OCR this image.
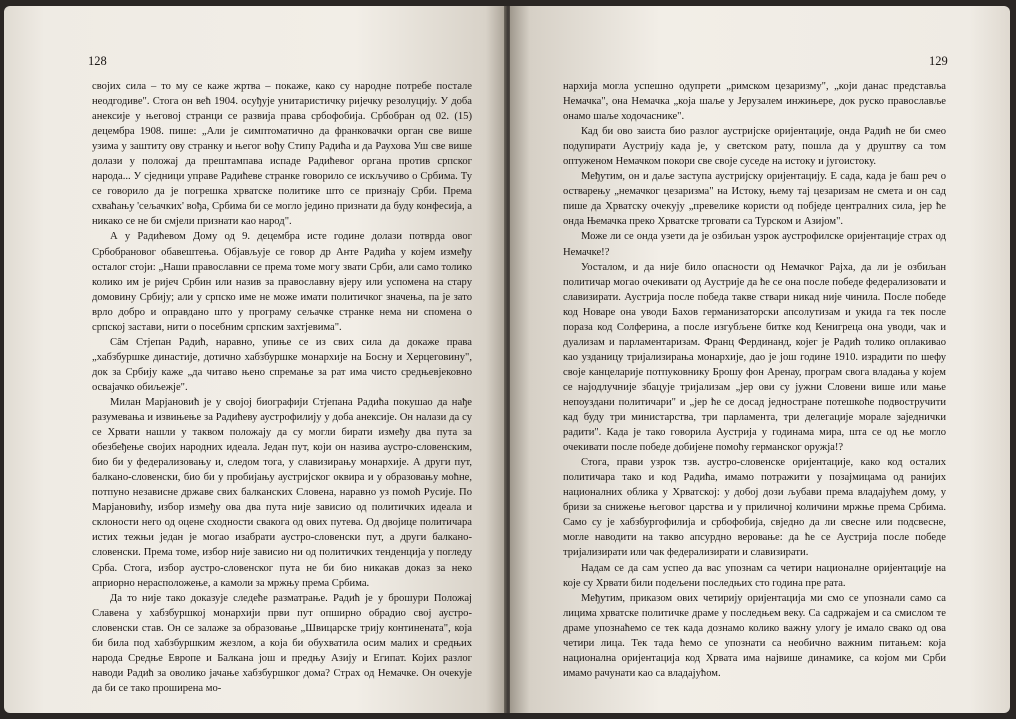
128

својих сила – то му се каже жртва – покаже, како су народне потребе постале неодгодиве". Стога он већ 1904. осуђује унитаристичку ријечку резолуцију. У доба анексије у његовој странци се развија права србофобија. Србобран од 02. (15) децембра 1908. пише: „Али је симптоматично да франковачки орган све више узима у заштиту ову странку и његог вођу Стипу Радића и да Раухова Уш све више долази у положај да прештампава испаде Радићевог органа против српског народа... У сједници управе Радићеве странке говорило се искључиво о Србима. Ту се говорило да је погрешка хрватске политике што се признају Срби. Према схваћању 'сељачких' вођа, Србима би се могло једино признати да буду конфесија, а никако се не би смјели признати као народ".

А у Радићевом Дому од 9. децембра исте године долази потврда овог Србобрановог обавештења. Објављује се говор др Анте Радића у којем између осталог стоји: „Наши православни се према томе могу звати Срби, али само толико колико им је ријеч Србин или назив за православну вјеру или успомена на стару домовину Србију; али у српско име не може имати политичког значења, па је зато врло добро и оправдано што у програму сељачке странке нема ни спомена о српској застави, нити о посебним српским захтјевима".

Сâм Стјепан Радић, наравно, упиње се из свих сила да докаже права „хабзбуршке династије, дотично хабзбуршке монархије на Босну и Херцеговину", док за Србију каже „да читаво њено спремање за рат има чисто средњевјековно освајачко обиљежје".

Милан Марјановић је у својој биографији Стјепана Радића покушао да нађе разумевања и извињење за Радићеву аустрофилију у доба анексије. Он налази да су се Хрвати нашли у таквом положају да су могли бирати између два пута за обезбеђење својих народних идеала. Један пут, који он назива аустро-словенским, био би у федерализовању и, следом тога, у славизирању монархије. А други пут, балкано-словенски, био би у пробијању аустријског оквира и у образовању моћне, потпуно независне државе свих балканских Словена, наравно уз помоћ Русије. По Марјановићу, избор између ова два пута није зависио од политичких идеала и склоности него од оцене сходности свакога од ових путева. Од двојице политичара истих тежњи један је могао изабрати аустро-словенски пут, а други балкано-словенски. Према томе, избор није зависио ни од политичких тенденција у погледу Срба. Стога, избор аустро-словенског пута не би био никакав доказ за неко априорно нерасположење, а камоли за мржњу према Србима.

Да то није тако доказује следеће разматрање. Радић је у брошури Положај Славена у хабзбуршкој монархији први пут опширно обрадио свој аустро-словенски став. Он се залаже за образовање „Швицарске трију континената", која би била под хабзбуршким жезлом, а која би обухватила осим малих и средњих народа Средње Европе и Балкана још и предњу Азију и Египат. Којих разлог наводи Радић за оволико јачање хабзбуршког дома? Страх од Немачке. Он очекује да би се тако проширена мо-

129

нархија могла успешно одупрети „римском цезаризму", „који данас представља Немачка", она Немачка „која шаље у Јерузалем инжињере, док руско православље онамо шаље ходочаснике".

Кад би ово заиста био разлог аустријске оријентације, онда Радић не би смео подупирати Аустрију када је, у светском рату, пошла да у друштву са том оптуженом Немачком покори све своје суседе на истоку и југоистоку.

Међутим, он и даље заступа аустријску оријентацију. Е сада, када је баш реч о остварењу „немачког цезаризма" на Истоку, њему тај цезаризам не смета и он сад пише да Хрватску очекују „превелике користи од побједе централних сила, јер ће онда Њемачка преко Хрватске трговати са Турском и Азијом".

Може ли се онда узети да је озбиљан узрок аустрофилске оријентације страх од Немачке!?

Уосталом, и да није било опасности од Немачког Рајха, да ли је озбиљан политичар могао очекивати од Аустрије да ће се она после победе федерализовати и славизирати. Аустрија после победа такве ствари никад није чинила. После победе код Новаре она уводи Бахов германизаторски апсолутизам и укида га тек после пораза код Солферина, а после изгубљене битке код Кенигреца она уводи, чак и дуализам и парламентаризам. Франц Фердинанд, којег је Радић толико оплакивао као узданицу тријализирања монархије, дао је још године 1910. израдити по шефу своје канцеларије потпуковнику Брошу фон Аренау, програм свога владања у којем се најодлучније збацује тријализам „јер ови су јужни Словени више или мање непоуздани политичари" и „јер ће се досад једностране потешкоће подвостручити кад буду три министарства, три парламента, три делегације морале заједнички радити". Када је тако говорила Аустрија у годинама мира, шта се од ње могло очекивати после победе добијене помоћу германског оружја!?

Стога, прави узрок тзв. аустро-словенске оријентације, како код осталих политичара тако и код Радића, имамо потражити у позајмицама од ранијих националних облика у Хрватској: у добој дози љубави према владајућем дому, у бризи за снижење његовог царства и у приличној количини мржње према Србима. Само су је хабзбургофилија и србофобија, свједно да ли свесне или подсвесне, могле наводити на такво апсурдно веровање: да ће се Аустрија после победе тријализирати или чак федерализирати и славизирати.

Надам се да сам успео да вас упознам са четири националне оријентације на које су Хрвати били подељени последњих сто година пре рата.

Међутим, приказом ових четирију оријентација ми смо се упознали само са лицима хрватске политичке драме у последњем веку. Са садржајем и са смислом те драме упознаћемо се тек када дознамо колико важну улогу је имало свако од ова четири лица. Тек тада ћемо се упознати са необично важним питањем: која национална оријентација код Хрвата има највише динамике, са којом ми Срби имамо рачунати као са владајућом.
